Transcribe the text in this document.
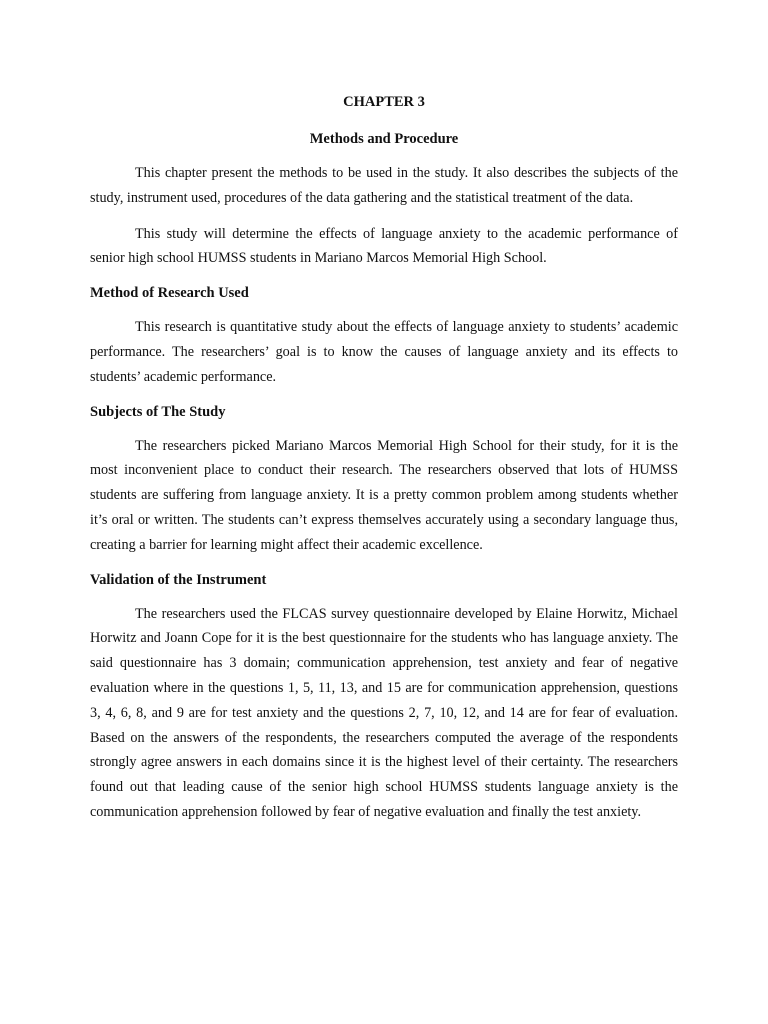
CHAPTER 3

Methods and Procedure

This chapter present the methods to be used in the study. It also describes the subjects of the study, instrument used, procedures of the data gathering and the statistical treatment of the data.

This study will determine the effects of language anxiety to the academic performance of senior high school HUMSS students in Mariano Marcos Memorial High School.

Method of Research Used

This research is quantitative study about the effects of language anxiety to students’ academic performance. The researchers’ goal is to know the causes of language anxiety and its effects to students’ academic performance.

Subjects of The Study

The researchers picked Mariano Marcos Memorial High School for their study, for it is the most inconvenient place to conduct their research. The researchers observed that lots of HUMSS students are suffering from language anxiety. It is a pretty common problem among students whether it’s oral or written. The students can’t express themselves accurately using a secondary language thus, creating a barrier for learning might affect their academic excellence.

Validation of the Instrument

The researchers used the FLCAS survey questionnaire developed by Elaine Horwitz, Michael Horwitz and Joann Cope for it is the best questionnaire for the students who has language anxiety. The said questionnaire has 3 domain; communication apprehension, test anxiety and fear of negative evaluation where in the questions 1, 5, 11, 13, and 15 are for communication apprehension, questions 3, 4, 6, 8, and 9 are for test anxiety and the questions 2, 7, 10, 12, and 14 are for fear of evaluation. Based on the answers of the respondents, the researchers computed the average of the respondents strongly agree answers in each domains since it is the highest level of their certainty. The researchers found out that leading cause of the senior high school HUMSS students language anxiety is the communication apprehension followed by fear of negative evaluation and finally the test anxiety.
